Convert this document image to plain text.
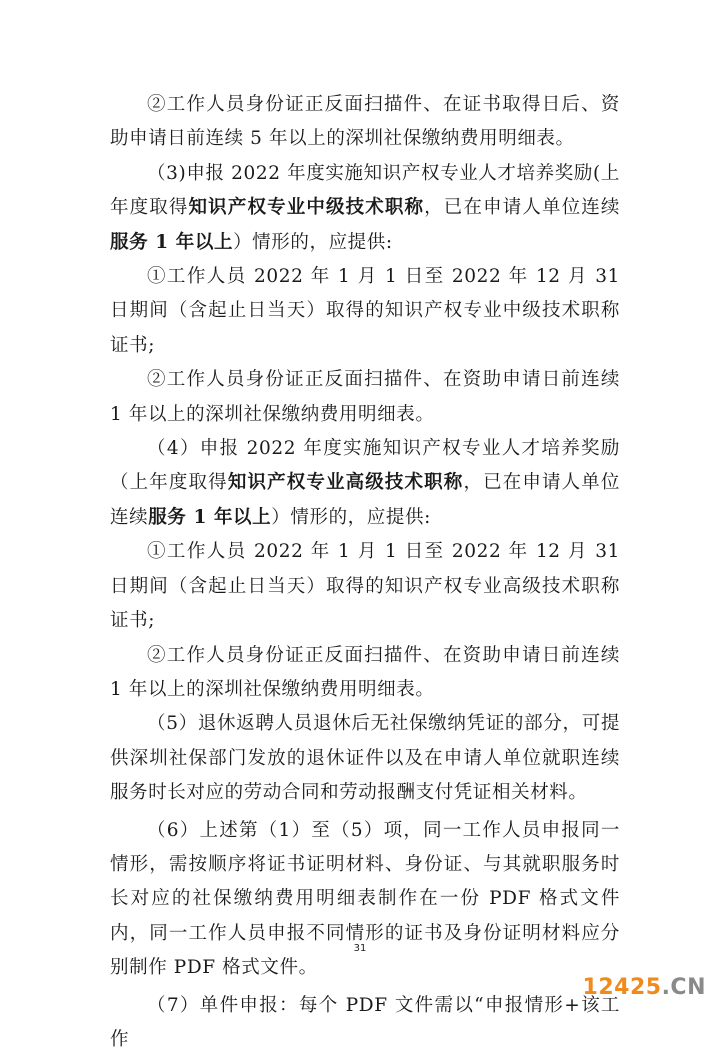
②工作人员身份证正反面扫描件、在证书取得日后、资助申请日前连续 5 年以上的深圳社保缴纳费用明细表。

（3)申报 2022 年度实施知识产权专业人才培养奖励(上年度取得知识产权专业中级技术职称，已在申请人单位连续服务 1 年以上）情形的，应提供:

①工作人员 2022 年 1 月 1 日至 2022 年 12 月 31 日期间（含起止日当天）取得的知识产权专业中级技术职称证书;

②工作人员身份证正反面扫描件、在资助申请日前连续 1 年以上的深圳社保缴纳费用明细表。

（4）申报 2022 年度实施知识产权专业人才培养奖励（上年度取得知识产权专业高级技术职称，已在申请人单位连续服务 1 年以上）情形的，应提供:

①工作人员 2022 年 1 月 1 日至 2022 年 12 月 31 日期间（含起止日当天）取得的知识产权专业高级技术职称证书;

②工作人员身份证正反面扫描件、在资助申请日前连续 1 年以上的深圳社保缴纳费用明细表。

（5）退休返聘人员退休后无社保缴纳凭证的部分，可提供深圳社保部门发放的退休证件以及在申请人单位就职连续服务时长对应的劳动合同和劳动报酬支付凭证相关材料。

（6）上述第（1）至（5）项，同一工作人员申报同一情形，需按顺序将证书证明材料、身份证、与其就职服务时长对应的社保缴纳费用明细表制作在一份 PDF 格式文件内，同一工作人员申报不同情形的证书及身份证明材料应分别制作 PDF 格式文件。

（7）单件申报：每个 PDF 文件需以“申报情形+该工作

31
12425.CN
